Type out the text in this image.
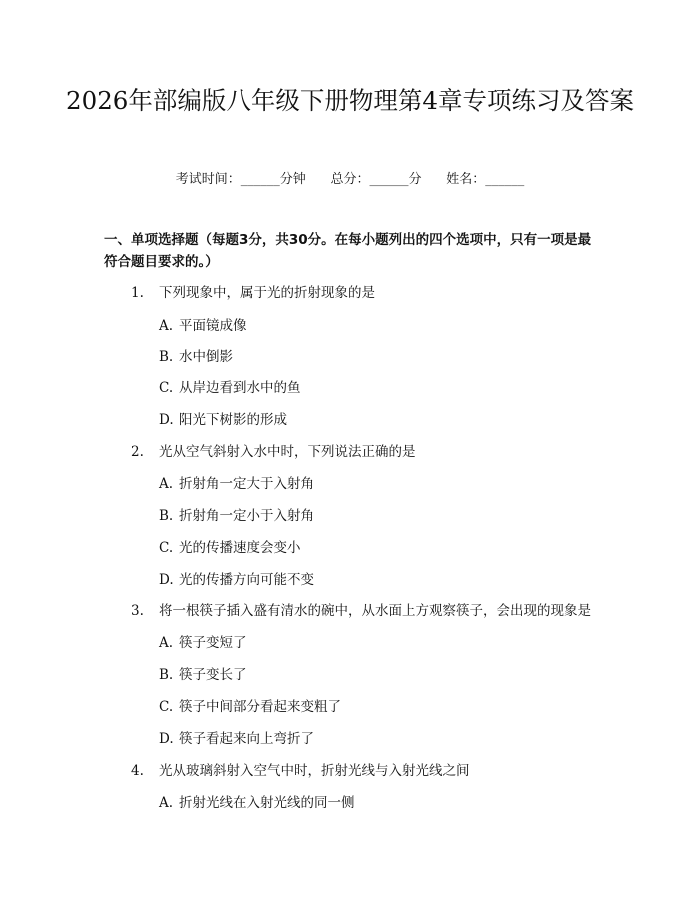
2026年部编版八年级下册物理第4章专项练习及答案
考试时间：______分钟      总分：______分      姓名：______
一、单项选择题（每题3分，共30分。在每小题列出的四个选项中，只有一项是最符合题目要求的。）
1. 下列现象中，属于光的折射现象的是
A. 平面镜成像
B. 水中倒影
C. 从岸边看到水中的鱼
D. 阳光下树影的形成
2. 光从空气斜射入水中时，下列说法正确的是
A. 折射角一定大于入射角
B. 折射角一定小于入射角
C. 光的传播速度会变小
D. 光的传播方向可能不变
3. 将一根筷子插入盛有清水的碗中，从水面上方观察筷子，会出现的现象是
A. 筷子变短了
B. 筷子变长了
C. 筷子中间部分看起来变粗了
D. 筷子看起来向上弯折了
4. 光从玻璃斜射入空气中时，折射光线与入射光线之间
A. 折射光线在入射光线的同一侧
